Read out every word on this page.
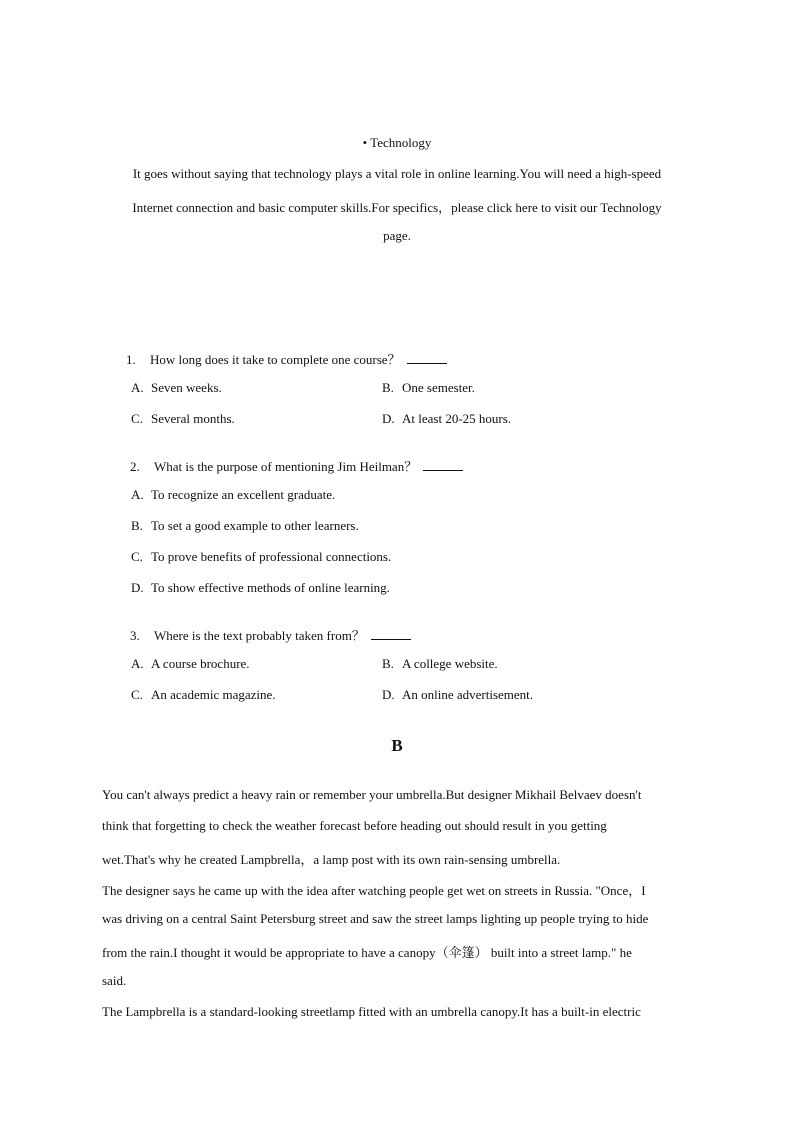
• Technology
It goes without saying that technology plays a vital role in online learning.You will need a high-speed
Internet connection and basic computer skills.For specifics，please click here to visit our Technology
page.
1. How long does it take to complete one course？
A. Seven weeks.	B. One semester.
C. Several months.	D. At least 20-25 hours.
2. What is the purpose of mentioning Jim Heilman？
A. To recognize an excellent graduate.
B. To set a good example to other learners.
C. To prove benefits of professional connections.
D. To show effective methods of online learning.
3. Where is the text probably taken from？
A. A course brochure.	B. A college website.
C. An academic magazine.	D. An online advertisement.
B
You can't always predict a heavy rain or remember your umbrella.But designer Mikhail Belvaev doesn't
think that forgetting to check the weather forecast before heading out should result in you getting
wet.That's why he created Lampbrella，a lamp post with its own rain-sensing umbrella.
The designer says he came up with the idea after watching people get wet on streets in Russia. "Once，I
was driving on a central Saint Petersburg street and saw the street lamps lighting up people trying to hide
from the rain.I thought it would be appropriate to have a canopy（伞篷） built into a street lamp." he
said.
The Lampbrella is a standard-looking streetlamp fitted with an umbrella canopy.It has a built-in electric
